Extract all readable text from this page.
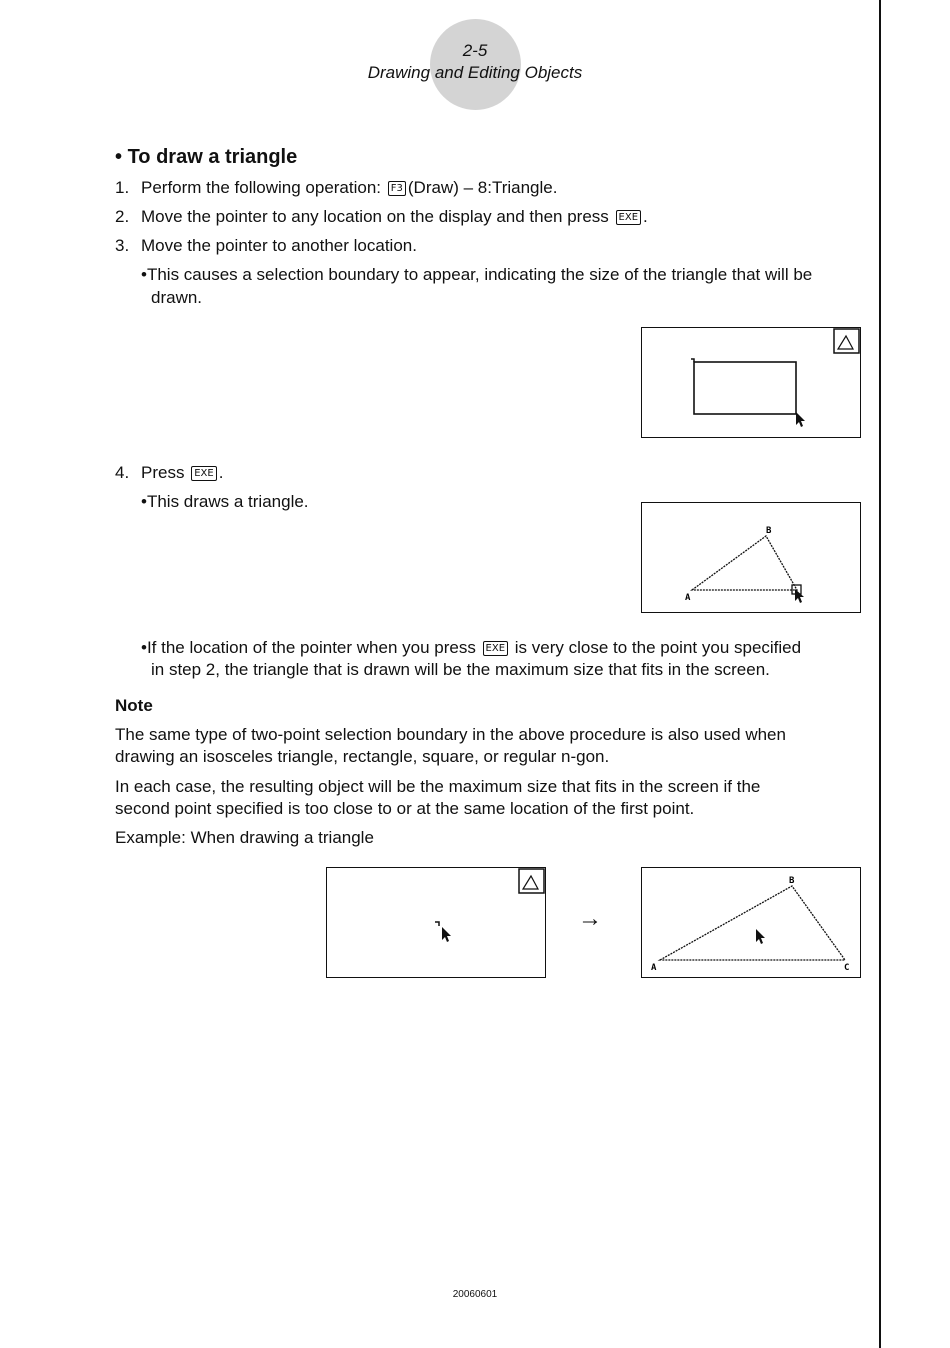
2-5
Drawing and Editing Objects
• To draw a triangle
1. Perform the following operation: F3 (Draw) – 8:Triangle.
2. Move the pointer to any location on the display and then press EXE .
3. Move the pointer to another location.
•This causes a selection boundary to appear, indicating the size of the triangle that will be
drawn.
4. Press EXE .
•This draws a triangle.
A
B
•If the location of the pointer when you press EXE is very close to the point you specified
in step 2, the triangle that is drawn will be the maximum size that fits in the screen.
Note
The same type of two-point selection boundary in the above procedure is also used when
drawing an isosceles triangle, rectangle, square, or regular n-gon.
In each case, the resulting object will be the maximum size that fits in the screen if the
second point specified is too close to or at the same location of the first point.
Example: When drawing a triangle
→
A
B
C
20060601
